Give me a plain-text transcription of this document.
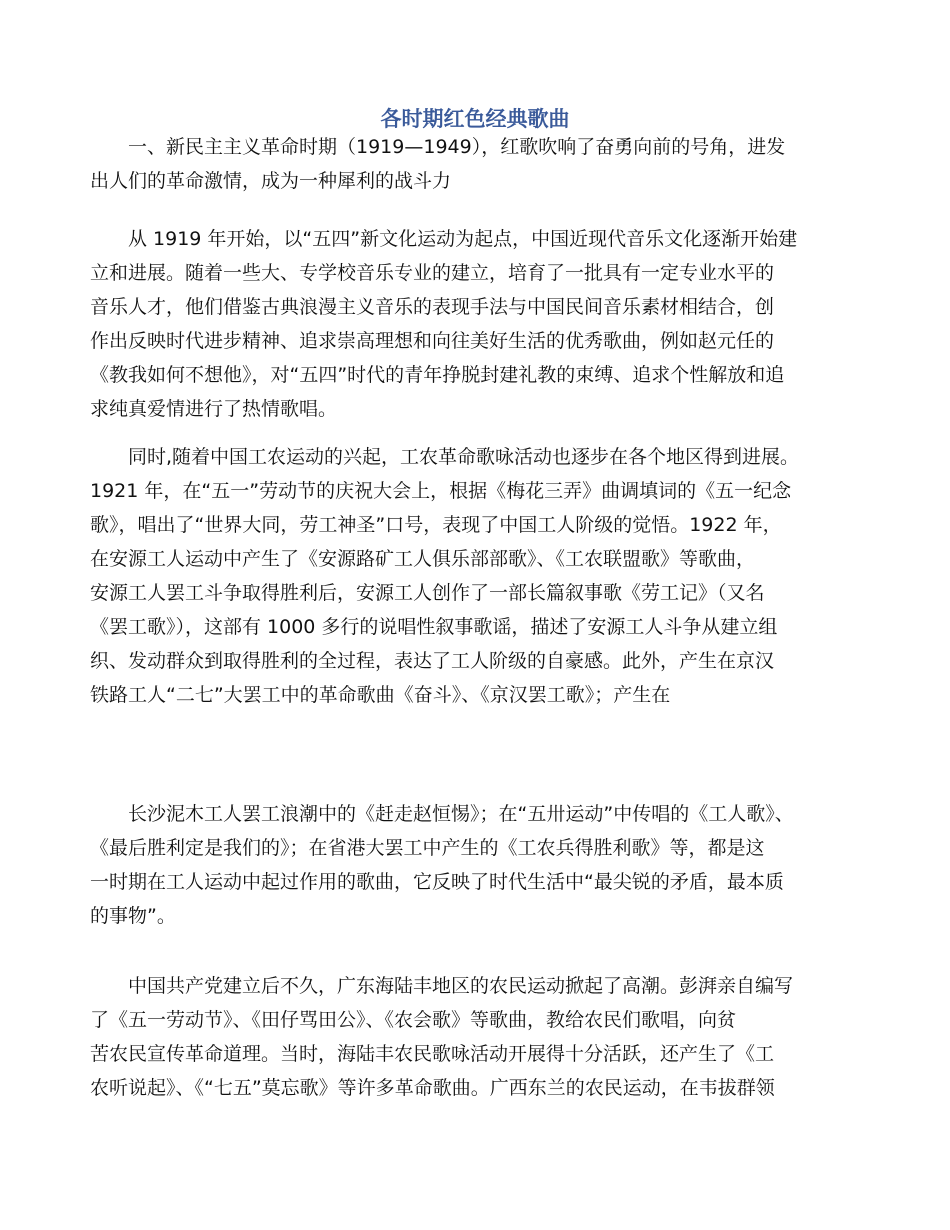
各时期红色经典歌曲
一、新民主主义革命时期（1919—1949），红歌吹响了奋勇向前的号角，进发
出人们的革命激情，成为一种犀利的战斗力
从 1919 年开始，以“五四”新文化运动为起点，中国近现代音乐文化逐渐开始建
立和进展。随着一些大、专学校音乐专业的建立，培育了一批具有一定专业水平的
音乐人才，他们借鉴古典浪漫主义音乐的表现手法与中国民间音乐素材相结合，创
作出反映时代进步精神、追求崇高理想和向往美好生活的优秀歌曲，例如赵元任的
《教我如何不想他》，对“五四”时代的青年挣脱封建礼教的束缚、追求个性解放和追
求纯真爱情进行了热情歌唱。
同时,随着中国工农运动的兴起，工农革命歌咏活动也逐步在各个地区得到进展。
1921 年，在“五一”劳动节的庆祝大会上，根据《梅花三弄》曲调填词的《五一纪念
歌》，唱出了“世界大同，劳工神圣”口号，表现了中国工人阶级的觉悟。1922 年，
在安源工人运动中产生了《安源路矿工人俱乐部部歌》、《工农联盟歌》等歌曲，
安源工人罢工斗争取得胜利后，安源工人创作了一部长篇叙事歌《劳工记》（又名
《罢工歌》），这部有 1000 多行的说唱性叙事歌谣，描述了安源工人斗争从建立组
织、发动群众到取得胜利的全过程，表达了工人阶级的自豪感。此外，产生在京汉
铁路工人“二七”大罢工中的革命歌曲《奋斗》、《京汉罢工歌》；产生在
长沙泥木工人罢工浪潮中的《赶走赵恒惕》；在“五卅运动”中传唱的《工人歌》、
《最后胜利定是我们的》；在省港大罢工中产生的《工农兵得胜利歌》等，都是这
一时期在工人运动中起过作用的歌曲，它反映了时代生活中“最尖锐的矛盾，最本质
的事物”。
中国共产党建立后不久，广东海陆丰地区的农民运动掀起了高潮。彭湃亲自编写
了《五一劳动节》、《田仔骂田公》、《农会歌》等歌曲，教给农民们歌唱，向贫
苦农民宣传革命道理。当时，海陆丰农民歌咏活动开展得十分活跃，还产生了《工
农听说起》、《“七五”莫忘歌》等许多革命歌曲。广西东兰的农民运动，在韦拔群领
